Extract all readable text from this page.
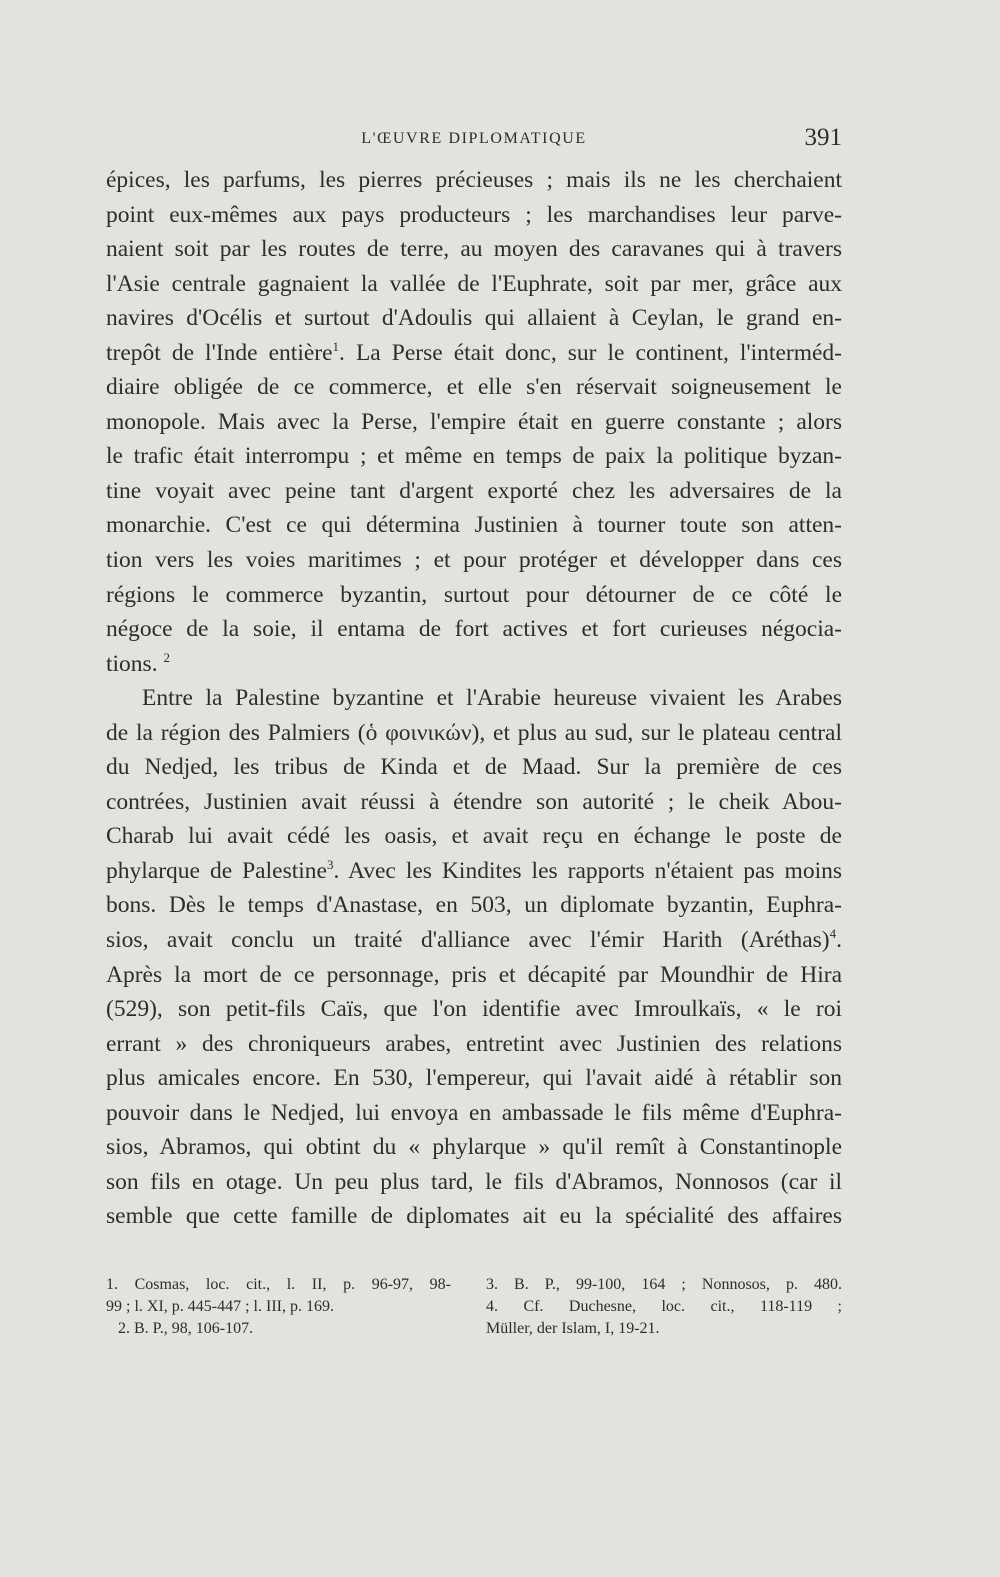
L'ŒUVRE DIPLOMATIQUE	391
épices, les parfums, les pierres précieuses ; mais ils ne les cherchaient
point eux-mêmes aux pays producteurs ; les marchandises leur parve-
naient soit par les routes de terre, au moyen des caravanes qui à travers
l'Asie centrale gagnaient la vallée de l'Euphrate, soit par mer, grâce aux
navires d'Océlis et surtout d'Adoulis qui allaient à Ceylan, le grand en-
trepôt de l'Inde entière$^1$. La Perse était donc, sur le continent, l'interméd-
diaire obligée de ce commerce, et elle s'en réservait soigneusement le
monopole. Mais avec la Perse, l'empire était en guerre constante ; alors
le trafic était interrompu ; et même en temps de paix la politique byzan-
tine voyait avec peine tant d'argent exporté chez les adversaires de la
monarchie. C'est ce qui détermina Justinien à tourner toute son atten-
tion vers les voies maritimes ; et pour protéger et développer dans ces
régions le commerce byzantin, surtout pour détourner de ce côté le
négoce de la soie, il entama de fort actives et fort curieuses négocia-
tions. $^2$
Entre la Palestine byzantine et l'Arabie heureuse vivaient les Arabes
de la région des Palmiers (ὁ φοινικών), et plus au sud, sur le plateau central
du Nedjed, les tribus de Kinda et de Maad. Sur la première de ces
contrées, Justinien avait réussi à étendre son autorité ; le cheik Abou-
Charab lui avait cédé les oasis, et avait reçu en échange le poste de
phylarque de Palestine$^3$. Avec les Kindites les rapports n'étaient pas moins
bons. Dès le temps d'Anastase, en 503, un diplomate byzantin, Euphra-
sios, avait conclu un traité d'alliance avec l'émir Harith (Aréthas)$^4$.
Après la mort de ce personnage, pris et décapité par Moundhir de Hira
(529), son petit-fils Caïs, que l'on identifie avec Imroulkaïs, « le roi
errant » des chroniqueurs arabes, entretint avec Justinien des relations
plus amicales encore. En 530, l'empereur, qui l'avait aidé à rétablir son
pouvoir dans le Nedjed, lui envoya en ambassade le fils même d'Euphra-
sios, Abramos, qui obtint du « phylarque » qu'il remît à Constantinople
son fils en otage. Un peu plus tard, le fils d'Abramos, Nonnosos (car il
semble que cette famille de diplomates ait eu la spécialité des affaires
1. Cosmas, loc. cit., l. II, p. 96-97, 98-
99 ; l. XI, p. 445-447 ; l. III, p. 169.
2. B. P., 98, 106-107.
3. B. P., 99-100, 164 ; Nonnosos, p. 480.
4. Cf. Duchesne, loc. cit., 118-119 ;
Müller, der Islam, I, 19-21.
